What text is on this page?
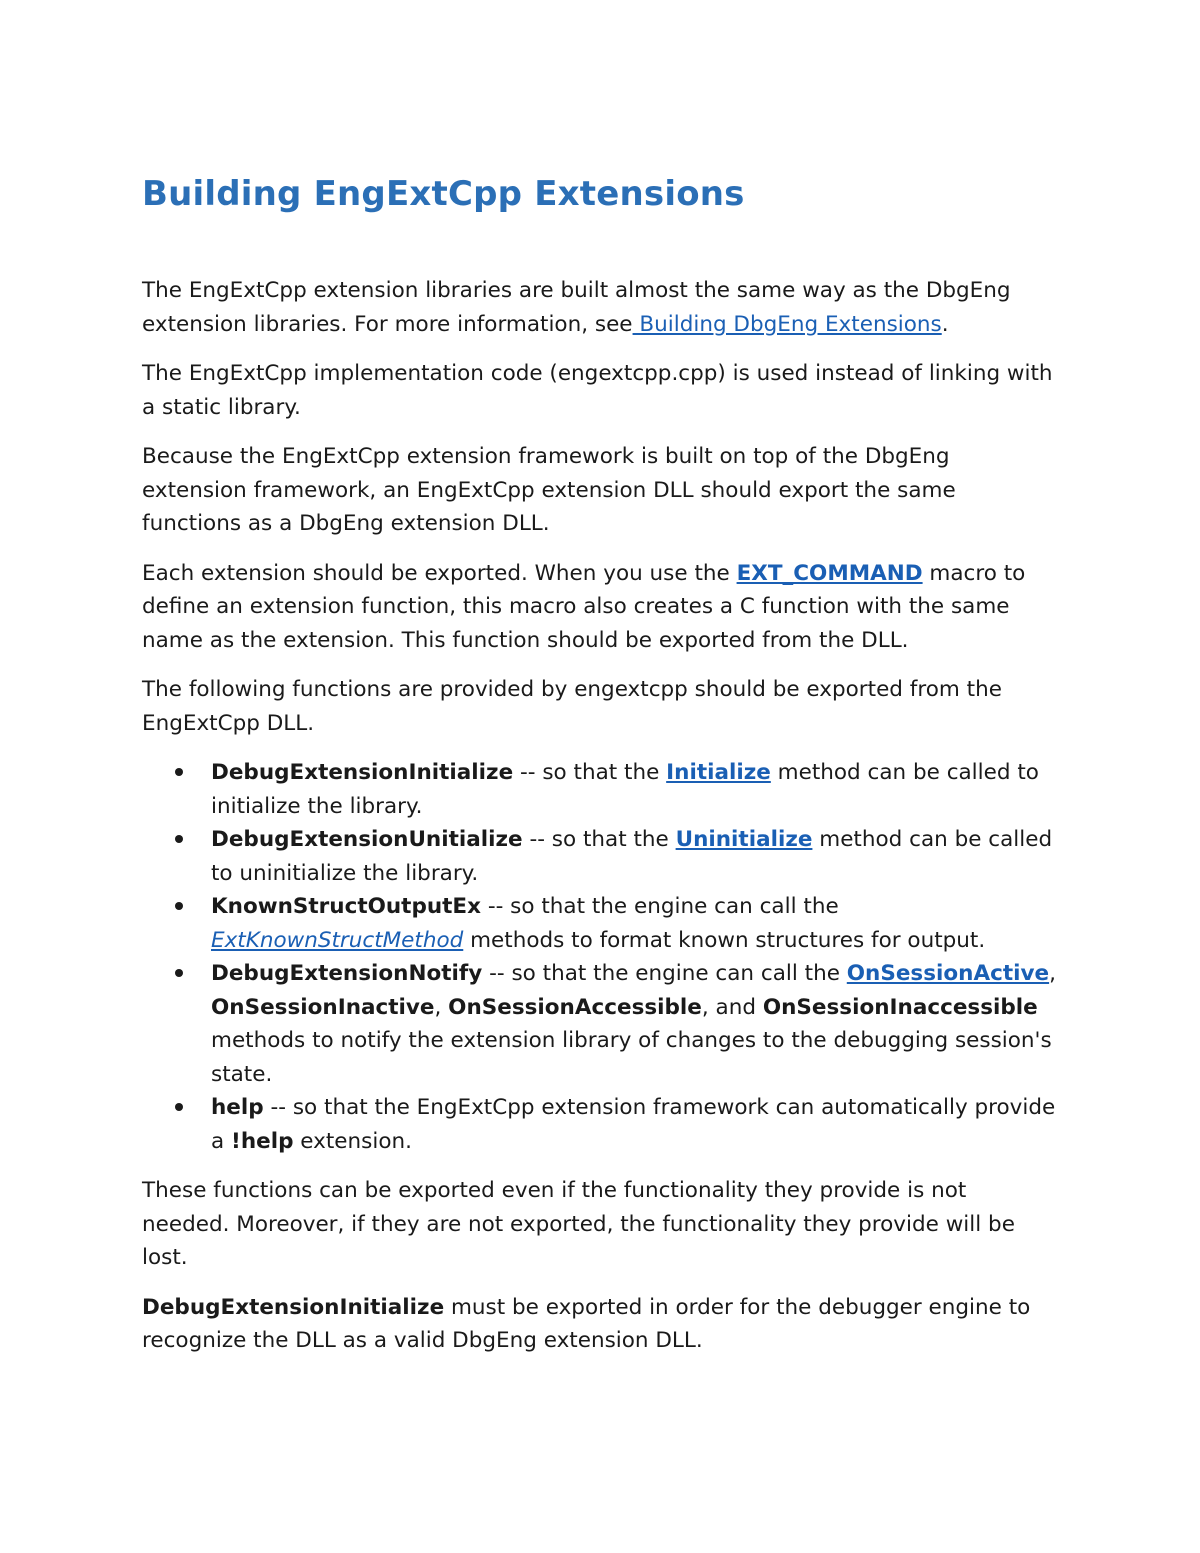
Building EngExtCpp Extensions

The EngExtCpp extension libraries are built almost the same way as the DbgEng extension libraries. For more information, see Building DbgEng Extensions.

The EngExtCpp implementation code (engextcpp.cpp) is used instead of linking with a static library.

Because the EngExtCpp extension framework is built on top of the DbgEng extension framework, an EngExtCpp extension DLL should export the same functions as a DbgEng extension DLL.

Each extension should be exported. When you use the EXT_COMMAND macro to define an extension function, this macro also creates a C function with the same name as the extension. This function should be exported from the DLL.

The following functions are provided by engextcpp should be exported from the EngExtCpp DLL.

DebugExtensionInitialize -- so that the Initialize method can be called to initialize the library.
DebugExtensionUnitialize -- so that the Uninitialize method can be called to uninitialize the library.
KnownStructOutputEx -- so that the engine can call the ExtKnownStructMethod methods to format known structures for output.
DebugExtensionNotify -- so that the engine can call the OnSessionActive, OnSessionInactive, OnSessionAccessible, and OnSessionInaccessible methods to notify the extension library of changes to the debugging session's state.
help -- so that the EngExtCpp extension framework can automatically provide a !help extension.

These functions can be exported even if the functionality they provide is not needed. Moreover, if they are not exported, the functionality they provide will be lost.

DebugExtensionInitialize must be exported in order for the debugger engine to recognize the DLL as a valid DbgEng extension DLL.
